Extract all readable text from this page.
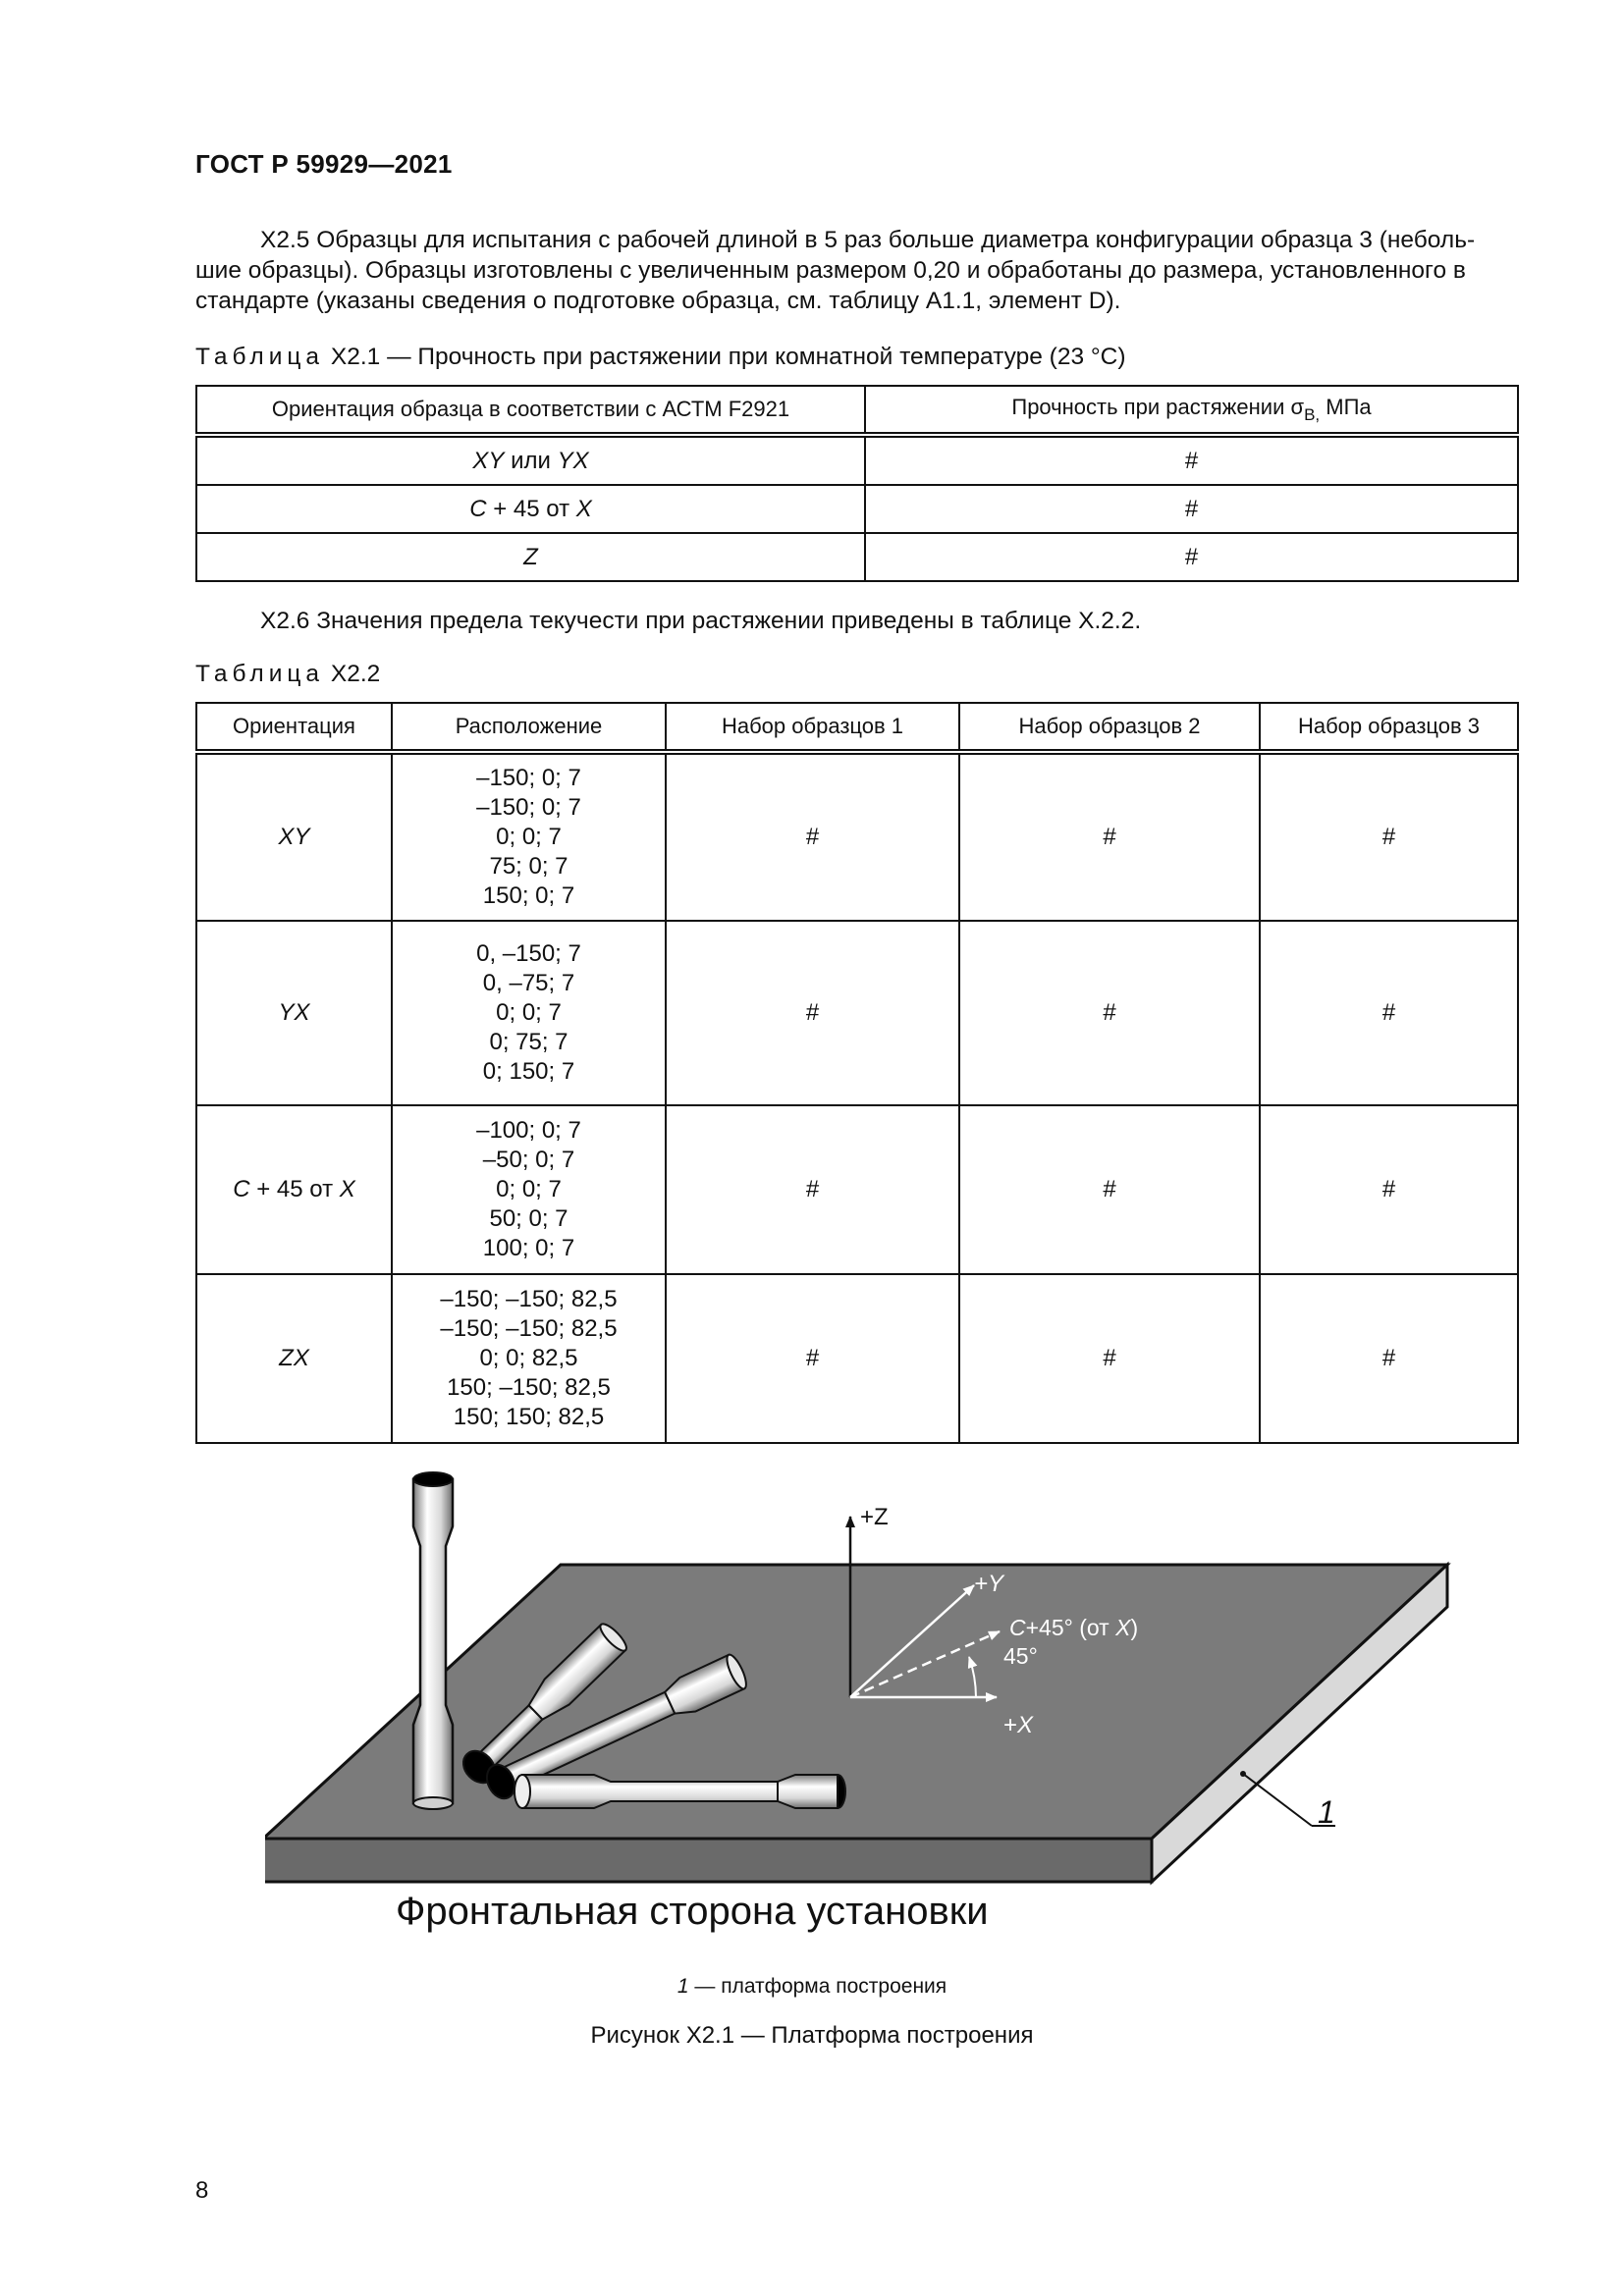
ГОСТ Р 59929—2021
X2.5 Образцы для испытания с рабочей длиной в 5 раз больше диаметра конфигурации образца 3 (неболь-
шие образцы). Образцы изготовлены с увеличенным размером 0,20 и обработаны до размера, установленного в
стандарте (указаны сведения о подготовке образца, см. таблицу А1.1, элемент D).
Таблица X2.1 — Прочность при растяжении при комнатной температуре (23 °C)
Ориентация образца в соответствии с АСТМ F2921	Прочность при растяжении $\sigma_{В,}$ МПа
XY или YX	#
C + 45 от X	#
Z	#
X2.6 Значения предела текучести при растяжении приведены в таблице X.2.2.
Таблица X2.2
Ориентация	Расположение	Набор образцов 1	Набор образцов 2	Набор образцов 3
XY	–150; 0; 7
–150; 0; 7
0; 0; 7
75; 0; 7
150; 0; 7	#	#	#
YX	0, –150; 7
0, –75; 7
0; 0; 7
0; 75; 7
0; 150; 7	#	#	#
C + 45 от X	–100; 0; 7
–50; 0; 7
0; 0; 7
50; 0; 7
100; 0; 7	#	#	#
ZX	–150; –150; 82,5
–150; –150; 82,5
0; 0; 82,5
150; –150; 82,5
150; 150; 82,5	#	#	#
+Z
+Y
C+45° (от X)
45°
+X
1
Фронтальная сторона установки
1 — платформа построения
Рисунок X2.1 — Платформа построения
8
